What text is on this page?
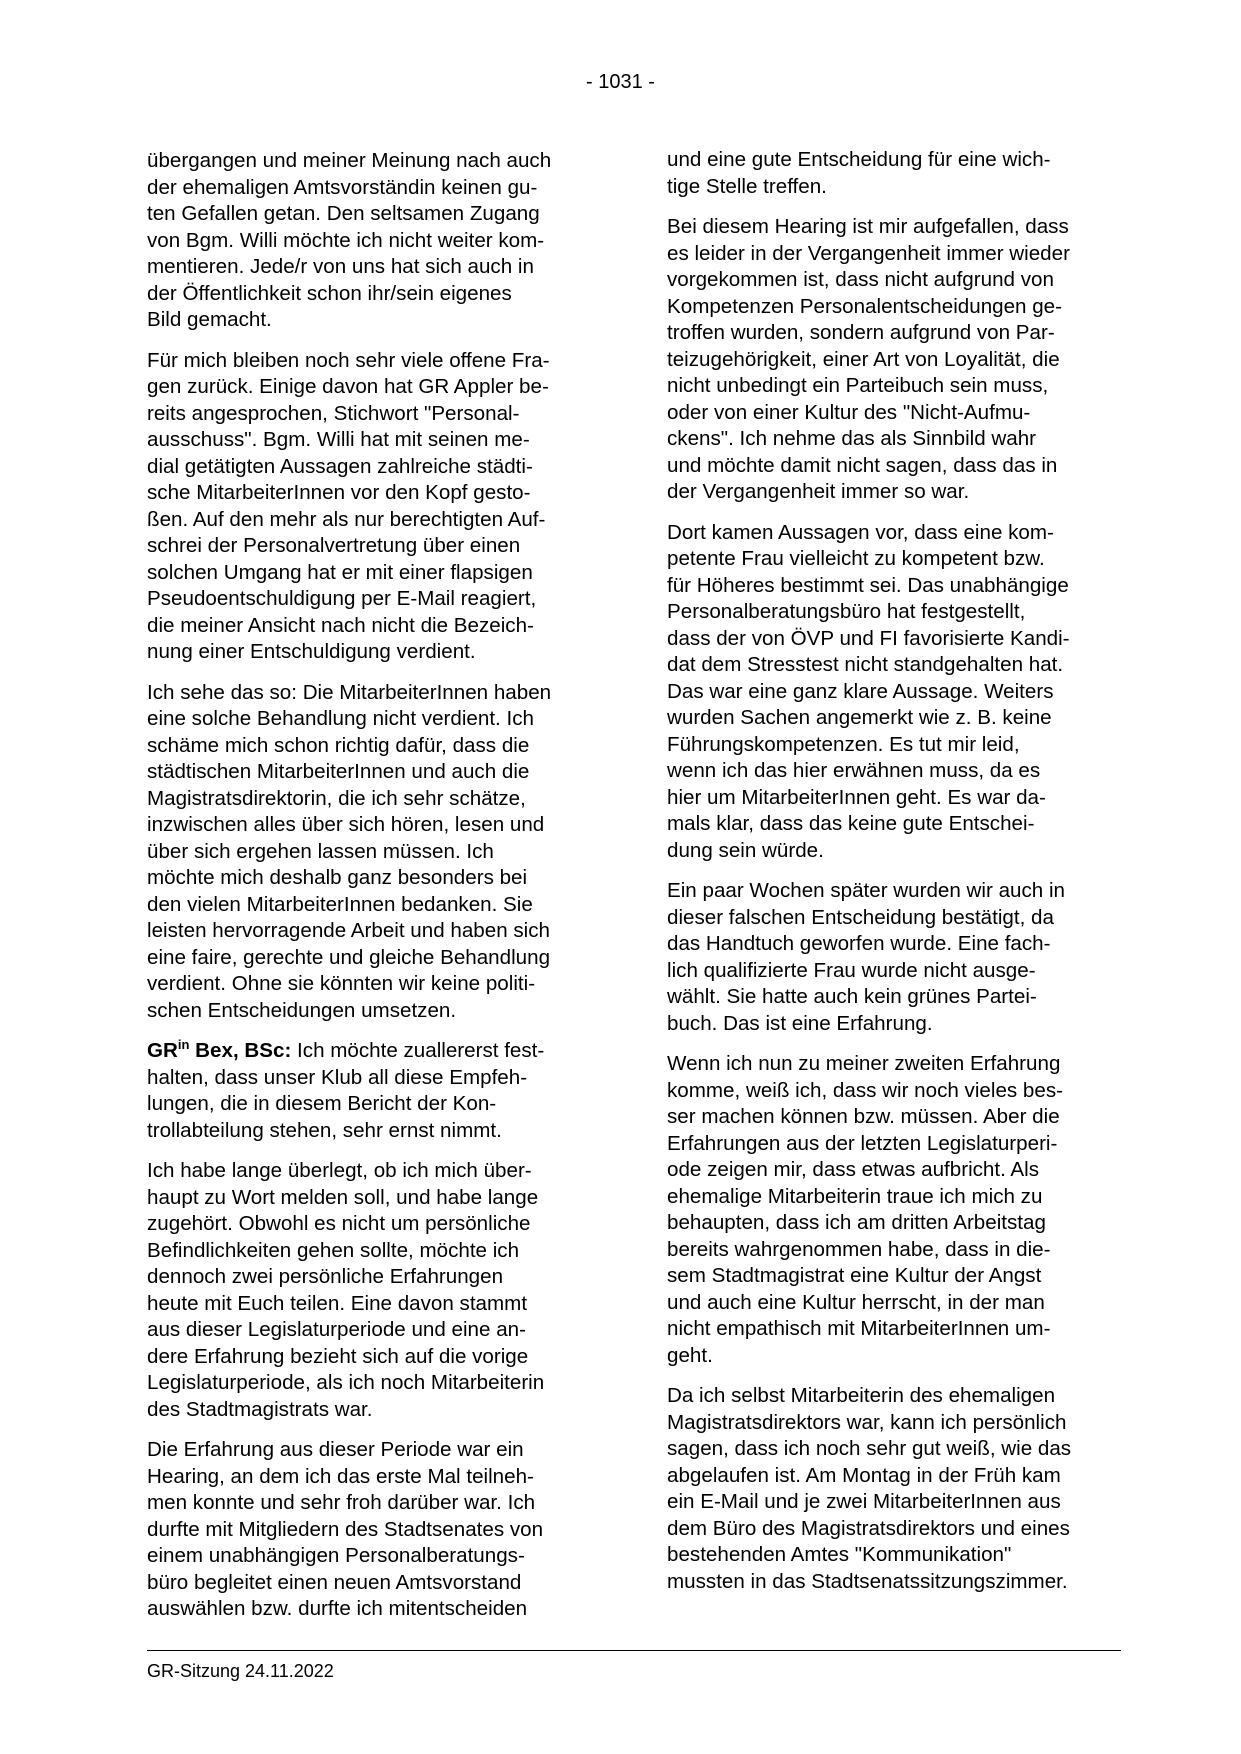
- 1031 -
übergangen und meiner Meinung nach auch
der ehemaligen Amtsvorständin keinen gu-
ten Gefallen getan. Den seltsamen Zugang
von Bgm. Willi möchte ich nicht weiter kom-
mentieren. Jede/r von uns hat sich auch in
der Öffentlichkeit schon ihr/sein eigenes
Bild gemacht.
Für mich bleiben noch sehr viele offene Fra-
gen zurück. Einige davon hat GR Appler be-
reits angesprochen, Stichwort "Personal-
ausschuss". Bgm. Willi hat mit seinen me-
dial getätigten Aussagen zahlreiche städti-
sche MitarbeiterInnen vor den Kopf gesto-
ßen. Auf den mehr als nur berechtigten Auf-
schrei der Personalvertretung über einen
solchen Umgang hat er mit einer flapsigen
Pseudoentschuldigung per E-Mail reagiert,
die meiner Ansicht nach nicht die Bezeich-
nung einer Entschuldigung verdient.
Ich sehe das so: Die MitarbeiterInnen haben
eine solche Behandlung nicht verdient. Ich
schäme mich schon richtig dafür, dass die
städtischen MitarbeiterInnen und auch die
Magistratsdirektorin, die ich sehr schätze,
inzwischen alles über sich hören, lesen und
über sich ergehen lassen müssen. Ich
möchte mich deshalb ganz besonders bei
den vielen MitarbeiterInnen bedanken. Sie
leisten hervorragende Arbeit und haben sich
eine faire, gerechte und gleiche Behandlung
verdient. Ohne sie könnten wir keine politi-
schen Entscheidungen umsetzen.
$GR^{in}$ Bex, BSc: Ich möchte zuallererst fest-
halten, dass unser Klub all diese Empfeh-
lungen, die in diesem Bericht der Kon-
trollabteilung stehen, sehr ernst nimmt.
Ich habe lange überlegt, ob ich mich über-
haupt zu Wort melden soll, und habe lange
zugehört. Obwohl es nicht um persönliche
Befindlichkeiten gehen sollte, möchte ich
dennoch zwei persönliche Erfahrungen
heute mit Euch teilen. Eine davon stammt
aus dieser Legislaturperiode und eine an-
dere Erfahrung bezieht sich auf die vorige
Legislaturperiode, als ich noch Mitarbeiterin
des Stadtmagistrats war.
Die Erfahrung aus dieser Periode war ein
Hearing, an dem ich das erste Mal teilneh-
men konnte und sehr froh darüber war. Ich
durfte mit Mitgliedern des Stadtsenates von
einem unabhängigen Personalberatungs-
büro begleitet einen neuen Amtsvorstand
auswählen bzw. durfte ich mitentscheiden
und eine gute Entscheidung für eine wich-
tige Stelle treffen.
Bei diesem Hearing ist mir aufgefallen, dass
es leider in der Vergangenheit immer wieder
vorgekommen ist, dass nicht aufgrund von
Kompetenzen Personalentscheidungen ge-
troffen wurden, sondern aufgrund von Par-
teizugehörigkeit, einer Art von Loyalität, die
nicht unbedingt ein Parteibuch sein muss,
oder von einer Kultur des "Nicht-Aufmu-
ckens". Ich nehme das als Sinnbild wahr
und möchte damit nicht sagen, dass das in
der Vergangenheit immer so war.
Dort kamen Aussagen vor, dass eine kom-
petente Frau vielleicht zu kompetent bzw.
für Höheres bestimmt sei. Das unabhängige
Personalberatungsbüro hat festgestellt,
dass der von ÖVP und FI favorisierte Kandi-
dat dem Stresstest nicht standgehalten hat.
Das war eine ganz klare Aussage. Weiters
wurden Sachen angemerkt wie z. B. keine
Führungskompetenzen. Es tut mir leid,
wenn ich das hier erwähnen muss, da es
hier um MitarbeiterInnen geht. Es war da-
mals klar, dass das keine gute Entschei-
dung sein würde.
Ein paar Wochen später wurden wir auch in
dieser falschen Entscheidung bestätigt, da
das Handtuch geworfen wurde. Eine fach-
lich qualifizierte Frau wurde nicht ausge-
wählt. Sie hatte auch kein grünes Partei-
buch. Das ist eine Erfahrung.
Wenn ich nun zu meiner zweiten Erfahrung
komme, weiß ich, dass wir noch vieles bes-
ser machen können bzw. müssen. Aber die
Erfahrungen aus der letzten Legislaturperi-
ode zeigen mir, dass etwas aufbricht. Als
ehemalige Mitarbeiterin traue ich mich zu
behaupten, dass ich am dritten Arbeitstag
bereits wahrgenommen habe, dass in die-
sem Stadtmagistrat eine Kultur der Angst
und auch eine Kultur herrscht, in der man
nicht empathisch mit MitarbeiterInnen um-
geht.
Da ich selbst Mitarbeiterin des ehemaligen
Magistratsdirektors war, kann ich persönlich
sagen, dass ich noch sehr gut weiß, wie das
abgelaufen ist. Am Montag in der Früh kam
ein E-Mail und je zwei MitarbeiterInnen aus
dem Büro des Magistratsdirektors und eines
bestehenden Amtes "Kommunikation"
mussten in das Stadtsenatssitzungszimmer.
GR-Sitzung 24.11.2022
